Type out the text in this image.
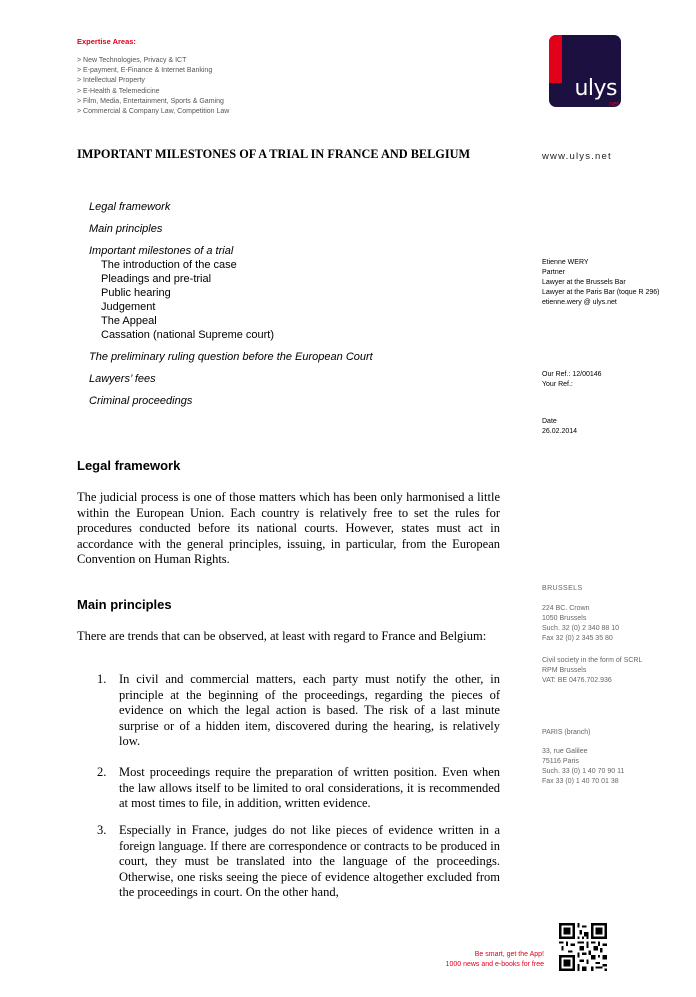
Expertise Areas:
> New Technologies, Privacy & ICT
> E-payment, E-Finance & Internet Banking
> Intellectual Property
> E-Health & Telemedicine
> Film, Media, Entertainment, Sports & Gaming
> Commercial & Company Law, Competition Law
ulys
net
IMPORTANT MILESTONES OF A TRIAL IN FRANCE AND BELGIUM	www.ulys.net
Legal framework
Main principles
Important milestones of a trial
The introduction of the case
Pleadings and pre-trial
Public hearing
Judgement
The Appeal
Cassation (national Supreme court)
The preliminary ruling question before the European Court
Lawyers’ fees
Criminal proceedings
Etienne WERY
Partner
Lawyer at the Brussels Bar
Lawyer at the Paris Bar (toque R 296)
etienne.wery @ ulys.net
Our Ref.: 12/00146
Your Ref.:
Date
26.02.2014
Legal framework
The judicial process is one of those matters which has been only harmonised a little within the European Union. Each country is relatively free to set the rules for procedures conducted before its national courts. However, states must act in accordance with the general principles, issuing, in particular, from the European Convention on Human Rights.
Main principles
There are trends that can be observed, at least with regard to France and Belgium:
1.	In civil and commercial matters, each party must notify the other, in principle at the beginning of the proceedings, regarding the pieces of evidence on which the legal action is based. The risk of a last minute surprise or of a hidden item, discovered during the hearing, is relatively low.
2.	Most proceedings require the preparation of written position. Even when the law allows itself to be limited to oral considerations, it is recommended at most times to file, in addition, written evidence.
3.	Especially in France, judges do not like pieces of evidence written in a foreign language. If there are correspondence or contracts to be produced in court, they must be translated into the language of the proceedings. Otherwise, one risks seeing the piece of evidence altogether excluded from the proceedings in court. On the other hand,
BRUSSELS
224 BC. Crown
1050 Brussels
Such. 32 (0) 2 340 88 10
Fax 32 (0) 2 345 35 80
Civil society in the form of SCRL
RPM Brussels
VAT: BE 0476.702.936
PARIS (branch)
33, rue Galilee
75116 Paris
Such. 33 (0) 1 40 70 90 11
Fax 33 (0) 1 40 70 01 38
Be smart, get the App!
1000 news and e-books for free
